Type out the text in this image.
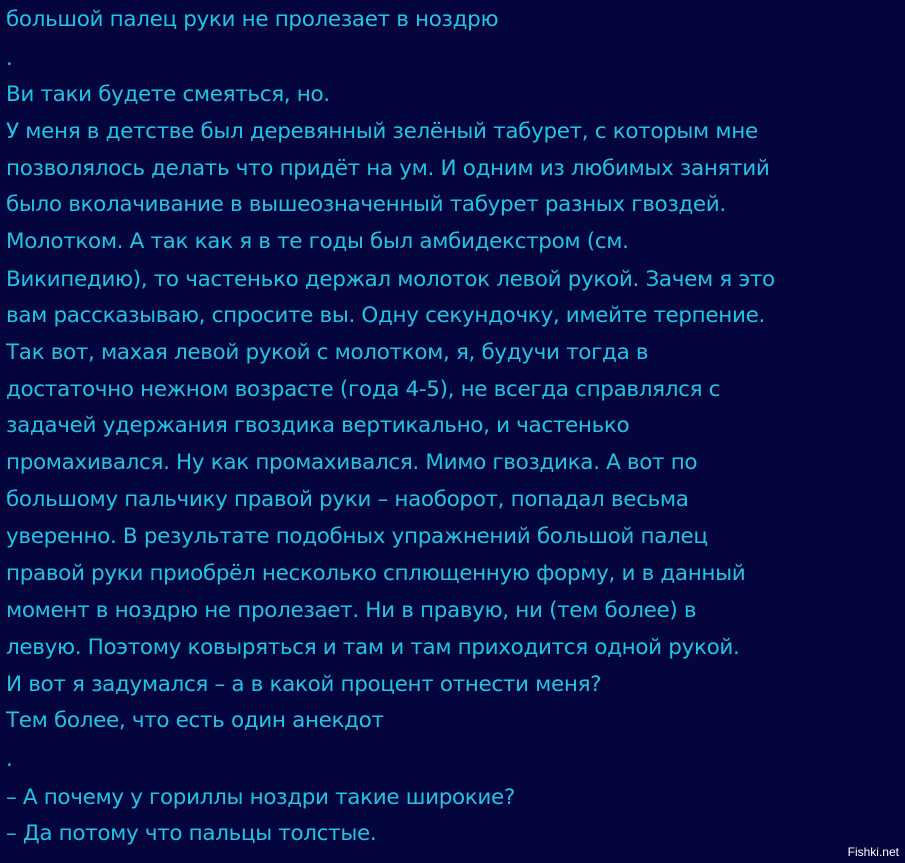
большой палец руки не пролезает в ноздрю
.
Ви таки будете смеяться, но.
У меня в детстве был деревянный зелёный табурет, с которым мне
позволялось делать что придёт на ум. И одним из любимых занятий
было вколачивание в вышеозначенный табурет разных гвоздей.
Молотком. А так как я в те годы был амбидекстром (см.
Википедию), то частенько держал молоток левой рукой. Зачем я это
вам рассказываю, спросите вы. Одну секундочку, имейте терпение.
Так вот, махая левой рукой с молотком, я, будучи тогда в
достаточно нежном возрасте (года 4-5), не всегда справлялся с
задачей удержания гвоздика вертикально, и частенько
промахивался. Ну как промахивался. Мимо гвоздика. А вот по
большому пальчику правой руки – наоборот, попадал весьма
уверенно. В результате подобных упражнений большой палец
правой руки приобрёл несколько сплющенную форму, и в данный
момент в ноздрю не пролезает. Ни в правую, ни (тем более) в
левую. Поэтому ковыряться и там и там приходится одной рукой.
И вот я задумался – а в какой процент отнести меня?
Тем более, что есть один анекдот
.
– А почему у гориллы ноздри такие широкие?
– Да потому что пальцы толстые.
Fishki.net
